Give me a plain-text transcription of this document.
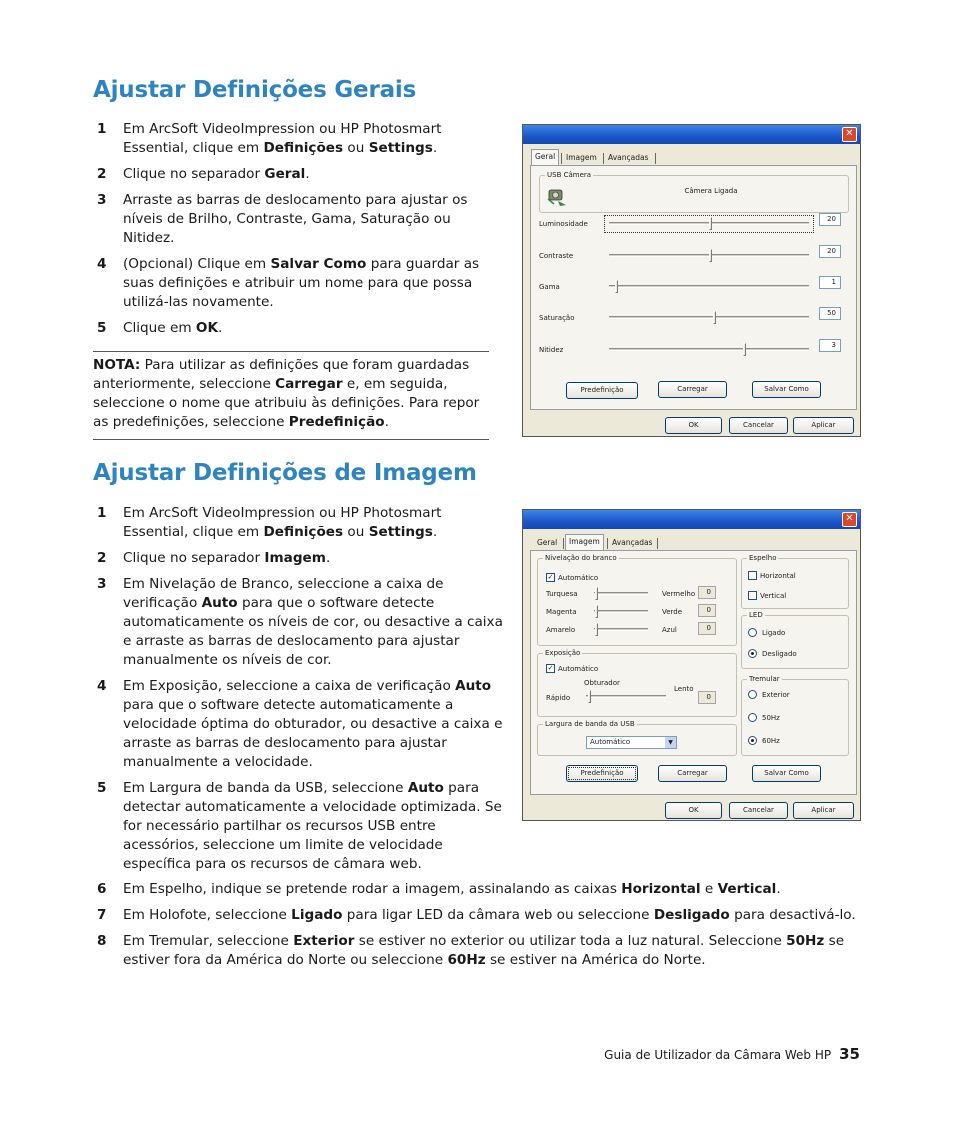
Ajustar Definições Gerais
1 Em ArcSoft VideoImpression ou HP Photosmart Essential, clique em Definições ou Settings.
2 Clique no separador Geral.
3 Arraste as barras de deslocamento para ajustar os níveis de Brilho, Contraste, Gama, Saturação ou Nitidez.
4 (Opcional) Clique em Salvar Como para guardar as suas definições e atribuir um nome para que possa utilizá-las novamente.
5 Clique em OK.
NOTA: Para utilizar as definições que foram guardadas anteriormente, seleccione Carregar e, em seguida, seleccione o nome que atribuiu às definições. Para repor as predefinições, seleccione Predefinição.
✕
Geral	Imagem	Avançadas
USB Câmera
Câmera Ligada
Luminosidade
20
Contraste
20
Gama
1
Saturação
50
Nitidez
3
Predefinição	Carregar	Salvar Como
OK	Cancelar	Aplicar
Ajustar Definições de Imagem
1 Em ArcSoft VideoImpression ou HP Photosmart Essential, clique em Definições ou Settings.
2 Clique no separador Imagem.
3 Em Nivelação de Branco, seleccione a caixa de verificação Auto para que o software detecte automaticamente os níveis de cor, ou desactive a caixa e arraste as barras de deslocamento para ajustar manualmente os níveis de cor.
4 Em Exposição, seleccione a caixa de verificação Auto para que o software detecte automaticamente a velocidade óptima do obturador, ou desactive a caixa e arraste as barras de deslocamento para ajustar manualmente a velocidade.
5 Em Largura de banda da USB, seleccione Auto para detectar automaticamente a velocidade optimizada. Se for necessário partilhar os recursos USB entre acessórios, seleccione um limite de velocidade específica para os recursos de câmara web.
6 Em Espelho, indique se pretende rodar a imagem, assinalando as caixas Horizontal e Vertical.
7 Em Holofote, seleccione Ligado para ligar LED da câmara web ou seleccione Desligado para desactivá-lo.
8 Em Tremular, seleccione Exterior se estiver no exterior ou utilizar toda a luz natural. Seleccione 50Hz se estiver fora da América do Norte ou seleccione 60Hz se estiver na América do Norte.
✕
Geral	Imagem	Avançadas
Nivelação do branco
✓ Automático
Turquesa
Magenta
Amarelo
Vermelho	0
Verde	0
Azul	0
Exposição
✓ Automático
Obturador
Rápido
Lento
0
Largura de banda da USB
Automático	▼
Espelho
Horizontal
Vertical
LED
Ligado
Desligado
Tremular
Exterior
50Hz
60Hz
Predefinição	Carregar	Salvar Como
OK	Cancelar	Aplicar
Guia de Utilizador da Câmara Web HP 35
